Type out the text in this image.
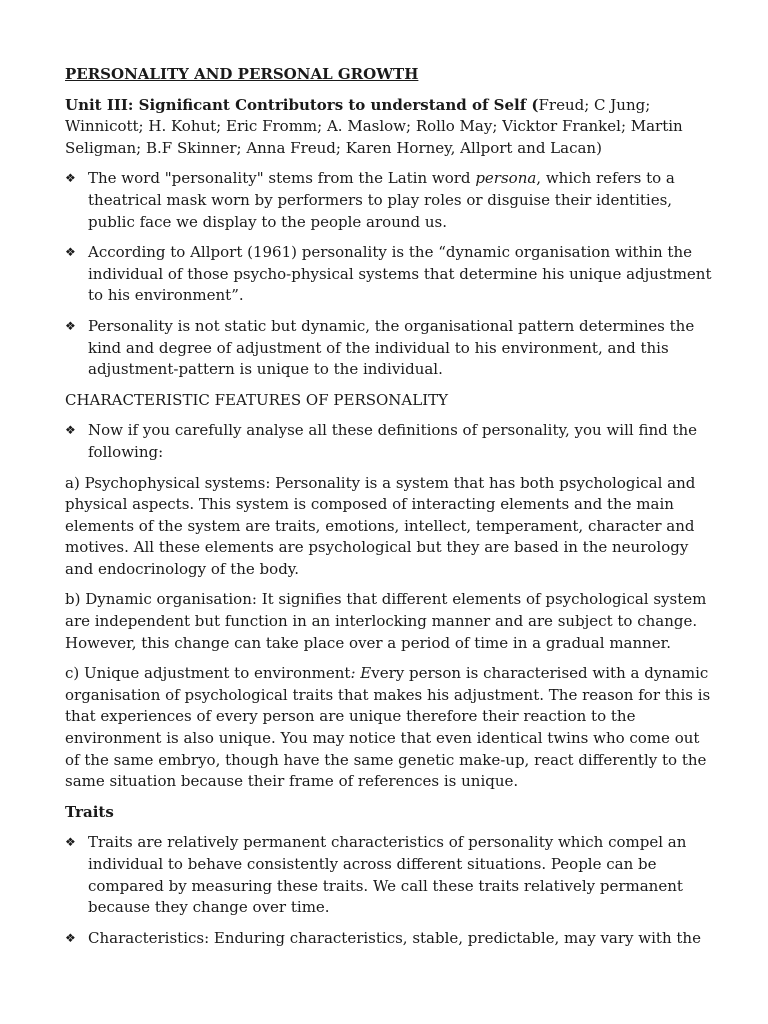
PERSONALITY AND PERSONAL GROWTH

Unit III: Significant Contributors to understand of Self (Freud; C Jung; Winnicott; H. Kohut; Eric Fromm; A. Maslow; Rollo May; Vicktor Frankel; Martin Seligman; B.F Skinner; Anna Freud; Karen Horney, Allport and Lacan)

❖ The word "personality" stems from the Latin word persona, which refers to a theatrical mask worn by performers to play roles or disguise their identities, public face we display to the people around us.
❖ According to Allport (1961) personality is the “dynamic organisation within the individual of those psycho-physical systems that determine his unique adjustment to his environment”.
❖ Personality is not static but dynamic, the organisational pattern determines the kind and degree of adjustment of the individual to his environment, and this adjustment-pattern is unique to the individual.
CHARACTERISTIC FEATURES OF PERSONALITY
❖ Now if you carefully analyse all these definitions of personality, you will find the following:

a) Psychophysical systems: Personality is a system that has both psychological and physical aspects. This system is composed of interacting elements and the main elements of the system are traits, emotions, intellect, temperament, character and motives. All these elements are psychological but they are based in the neurology and endocrinology of the body.

b) Dynamic organisation: It signifies that different elements of psychological system are independent but function in an interlocking manner and are subject to change. However, this change can take place over a period of time in a gradual manner.

c) Unique adjustment to environment: Every person is characterised with a dynamic organisation of psychological traits that makes his adjustment. The reason for this is that experiences of every person are unique therefore their reaction to the environment is also unique. You may notice that even identical twins who come out of the same embryo, though have the same genetic make-up, react differently to the same situation because their frame of references is unique.

Traits

❖ Traits are relatively permanent characteristics of personality which compel an individual to behave consistently across different situations. People can be compared by measuring these traits. We call these traits relatively permanent because they change over time.
❖ Characteristics: Enduring characteristics, stable, predictable, may vary with the
